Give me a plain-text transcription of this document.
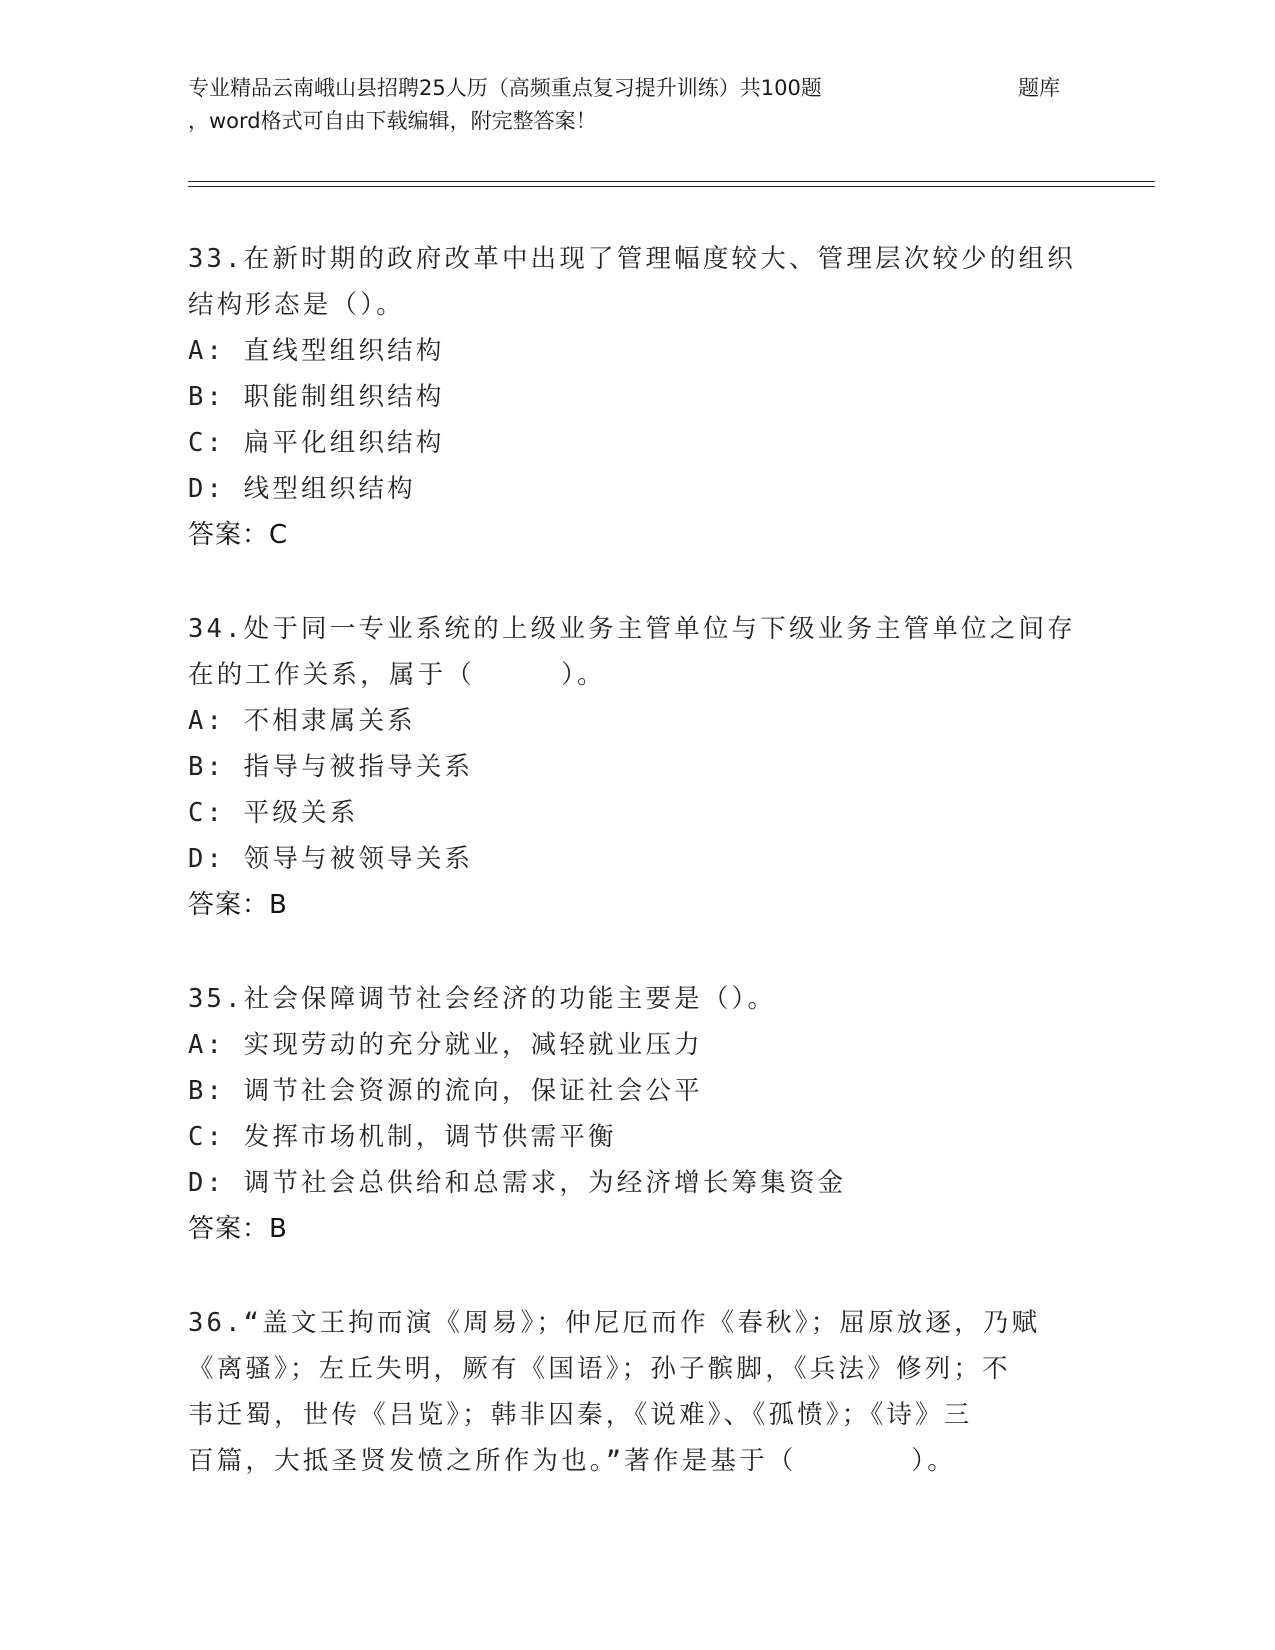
专业精品云南峨山县招聘25人历（高频重点复习提升训练）共100题	题库
，word格式可自由下载编辑，附完整答案！
33.在新时期的政府改革中出现了管理幅度较大、管理层次较少的组织
结构形态是（）。
A: 直线型组织结构
B: 职能制组织结构
C: 扁平化组织结构
D: 线型组织结构
答案：C
34.处于同一专业系统的上级业务主管单位与下级业务主管单位之间存
在的工作关系，属于（　　　）。
A: 不相隶属关系
B: 指导与被指导关系
C: 平级关系
D: 领导与被领导关系
答案：B
35.社会保障调节社会经济的功能主要是（）。
A: 实现劳动的充分就业，减轻就业压力
B: 调节社会资源的流向，保证社会公平
C: 发挥市场机制，调节供需平衡
D: 调节社会总供给和总需求，为经济增长筹集资金
答案：B
36.“盖文王拘而演《周易》；仲尼厄而作《春秋》；屈原放逐，乃赋
《离骚》；左丘失明，厥有《国语》；孙子髌脚，《兵法》修列；不
韦迁蜀，世传《吕览》；韩非囚秦，《说难》、《孤愤》；《诗》三
百篇，大抵圣贤发愤之所作为也。”著作是基于（　　　　）。
